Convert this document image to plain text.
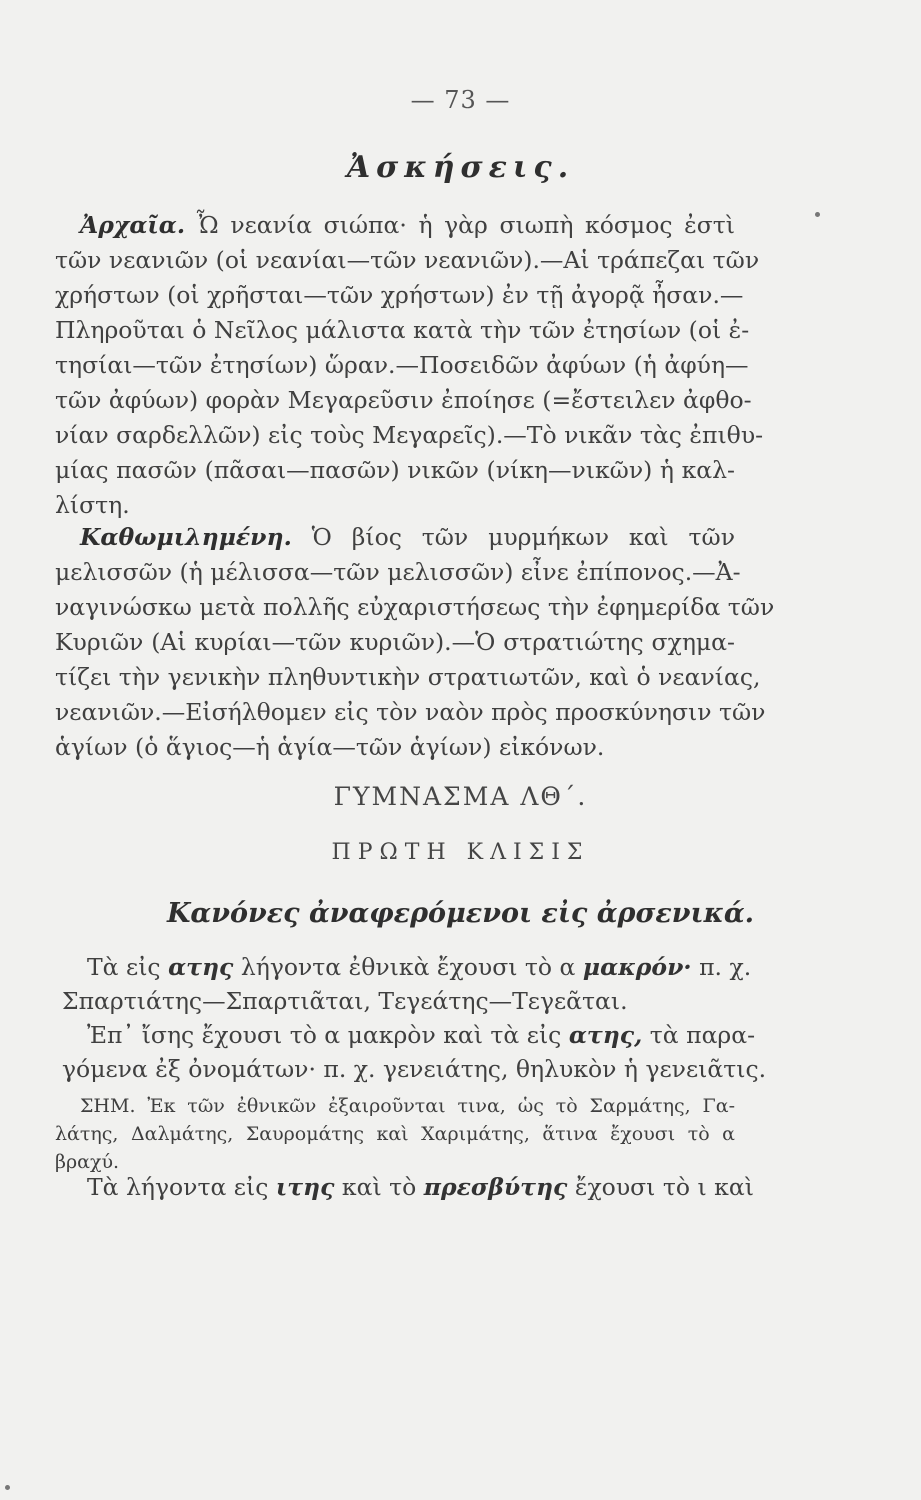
— 73 —
Ἀσκήσεις.
Ἀρχαῖα. Ὦ νεανία σιώπα· ἡ γὰρ σιωπὴ κόσμος ἐστὶ
τῶν νεανιῶν (οἱ νεανίαι—τῶν νεανιῶν).—Αἱ τράπεζαι τῶν
χρήστων (οἱ χρῆσται—τῶν χρήστων) ἐν τῇ ἀγορᾷ ἦσαν.—
Πληροῦται ὁ Νεῖλος μάλιστα κατὰ τὴν τῶν ἐτησίων (οἱ ἐ-
τησίαι—τῶν ἐτησίων) ὥραν.—Ποσειδῶν ἀφύων (ἡ ἀφύη—
τῶν ἀφύων) φορὰν Μεγαρεῦσιν ἐποίησε (=ἔστειλεν ἀφθο-
νίαν σαρδελλῶν) εἰς τοὺς Μεγαρεῖς).—Τὸ νικᾶν τὰς ἐπιθυ-
μίας πασῶν (πᾶσαι—πασῶν) νικῶν (νίκη—νικῶν) ἡ καλ-
λίστη.
Καθωμιλημένη. Ὁ βίος τῶν μυρμήκων καὶ τῶν
μελισσῶν (ἡ μέλισσα—τῶν μελισσῶν) εἶνε ἐπίπονος.—Ἀ-
ναγινώσκω μετὰ πολλῆς εὐχαριστήσεως τὴν ἐφημερίδα τῶν
Κυριῶν (Αἱ κυρίαι—τῶν κυριῶν).—Ὁ στρατιώτης σχημα-
τίζει τὴν γενικὴν πληθυντικὴν στρατιωτῶν, καὶ ὁ νεανίας,
νεανιῶν.—Εἰσήλθομεν εἰς τὸν ναὸν πρὸς προσκύνησιν τῶν
ἁγίων (ὁ ἅγιος—ἡ ἁγία—τῶν ἁγίων) εἰκόνων.
ΓΥΜΝΑΣΜΑ ΛΘ΄.
ΠΡΩΤΗ ΚΛΙΣΙΣ
Κανόνες ἀναφερόμενοι εἰς ἀρσενικά.
Τὰ εἰς ατης λήγοντα ἐθνικὰ ἔχουσι τὸ α μακρόν· π. χ.
Σπαρτιάτης—Σπαρτιᾶται, Τεγεάτης—Τεγεᾶται.
Ἐπ᾽ ἴσης ἔχουσι τὸ α μακρὸν καὶ τὰ εἰς ατης, τὰ παρα-
γόμενα ἐξ ὀνομάτων· π. χ. γενειάτης, θηλυκὸν ἡ γενειᾶτις.
ΣΗΜ. Ἐκ τῶν ἐθνικῶν ἐξαιροῦνται τινα, ὡς τὸ Σαρμάτης, Γα-
λάτης, Δαλμάτης, Σαυρομάτης καὶ Χαριμάτης, ἅτινα ἔχουσι τὸ α
βραχύ.
Τὰ λήγοντα εἰς ιτης καὶ τὸ πρεσβύτης ἔχουσι τὸ ι καὶ
